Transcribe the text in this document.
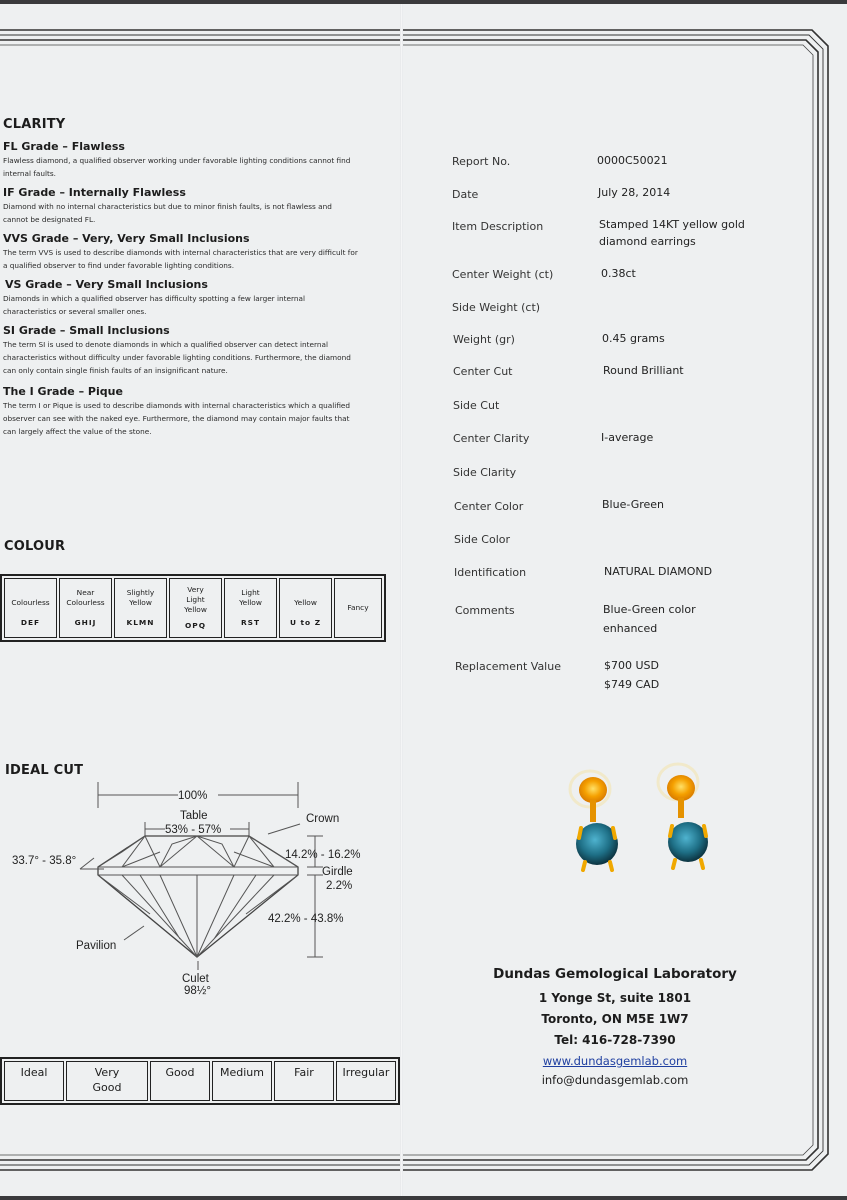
CLARITY
FL Grade – Flawless
Flawless diamond, a qualified observer working under favorable lighting conditions cannot find internal faults.
IF Grade – Internally Flawless
Diamond with no internal characteristics but due to minor finish faults, is not flawless and cannot be designated FL.
VVS Grade – Very, Very Small Inclusions
The term VVS is used to describe diamonds with internal characteristics that are very difficult for a qualified observer to find under favorable lighting conditions.
VS Grade – Very Small Inclusions
Diamonds in which a qualified observer has difficulty spotting a few larger internal characteristics or several smaller ones.
SI Grade – Small Inclusions
The term SI is used to denote diamonds in which a qualified observer can detect internal characteristics without difficulty under favorable lighting conditions. Furthermore, the diamond can only contain single finish faults of an insignificant nature.
The I Grade – Pique
The term I or Pique is used to describe diamonds with internal characteristics which a qualified observer can see with the naked eye. Furthermore, the diamond may contain major faults that can largely affect the value of the stone.
COLOUR
Colourless
DEF

Near Colourless
GHIJ

Slightly Yellow
KLMN

Very Light Yellow
OPQ

Light Yellow
RST

Yellow
U to Z
	Fancy
IDEAL CUT
100%
Table
53% - 57%
Crown
33.7° - 35.8°	14.2% - 16.2%
Girdle
2.2%
42.2% - 43.8%
Pavilion
Culet
98½°
Ideal	Very Good	Good	Medium	Fair	Irregular
Report No.	0000C50021
Date	July 28, 2014
Item Description	Stamped 14KT yellow gold
diamond earrings
Center Weight (ct)	0.38ct
Side Weight (ct)
Weight (gr)	0.45 grams
Center Cut	Round Brilliant
Side Cut
Center Clarity	I-average
Side Clarity
Center Color	Blue-Green
Side Color
Identification	NATURAL DIAMOND
Comments	Blue-Green color
enhanced
Replacement Value	$700 USD
$749 CAD
Dundas Gemological Laboratory
1 Yonge St, suite 1801
Toronto, ON M5E 1W7
Tel: 416-728-7390
www.dundasgemlab.com
info@dundasgemlab.com
